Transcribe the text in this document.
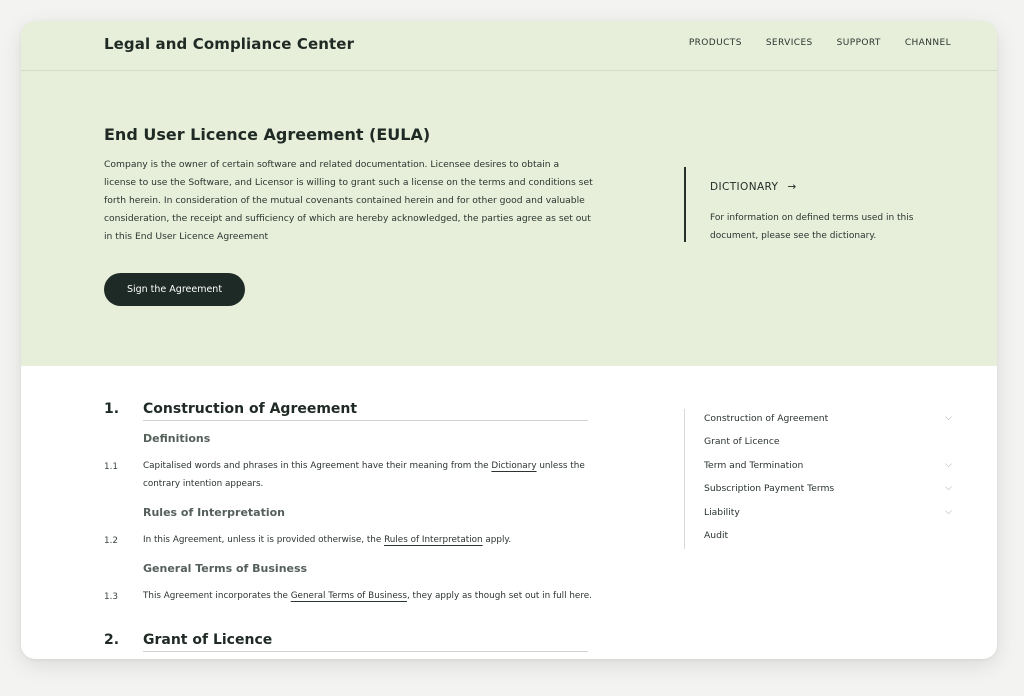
Legal and Compliance Center	PRODUCTS	SERVICES	SUPPORT	CHANNEL
End User Licence Agreement (EULA)

Company is the owner of certain software and related documentation. Licensee desires to obtain a license to use the Software, and Licensor is willing to grant such a license on the terms and conditions set forth herein. In consideration of the mutual covenants contained herein and for other good and valuable consideration, the receipt and sufficiency of which are hereby acknowledged, the parties agree as set out in this End User Licence Agreement

Sign the Agreement
DICTIONARY →

For information on defined terms used in this document, please see the dictionary.

1. Construction of Agreement
Definitions
1.1	Capitalised words and phrases in this Agreement have their meaning from the Dictionary unless the contrary intention appears.

Rules of Interpretation
1.2	In this Agreement, unless it is provided otherwise, the Rules of Interpretation apply.

General Terms of Business
1.3	This Agreement incorporates the General Terms of Business, they apply as though set out in full here.

2. Grant of Licence
Construction of Agreement	⌵
Grant of Licence
Term and Termination	⌵
Subscription Payment Terms	⌵
Liability	⌵
Audit
